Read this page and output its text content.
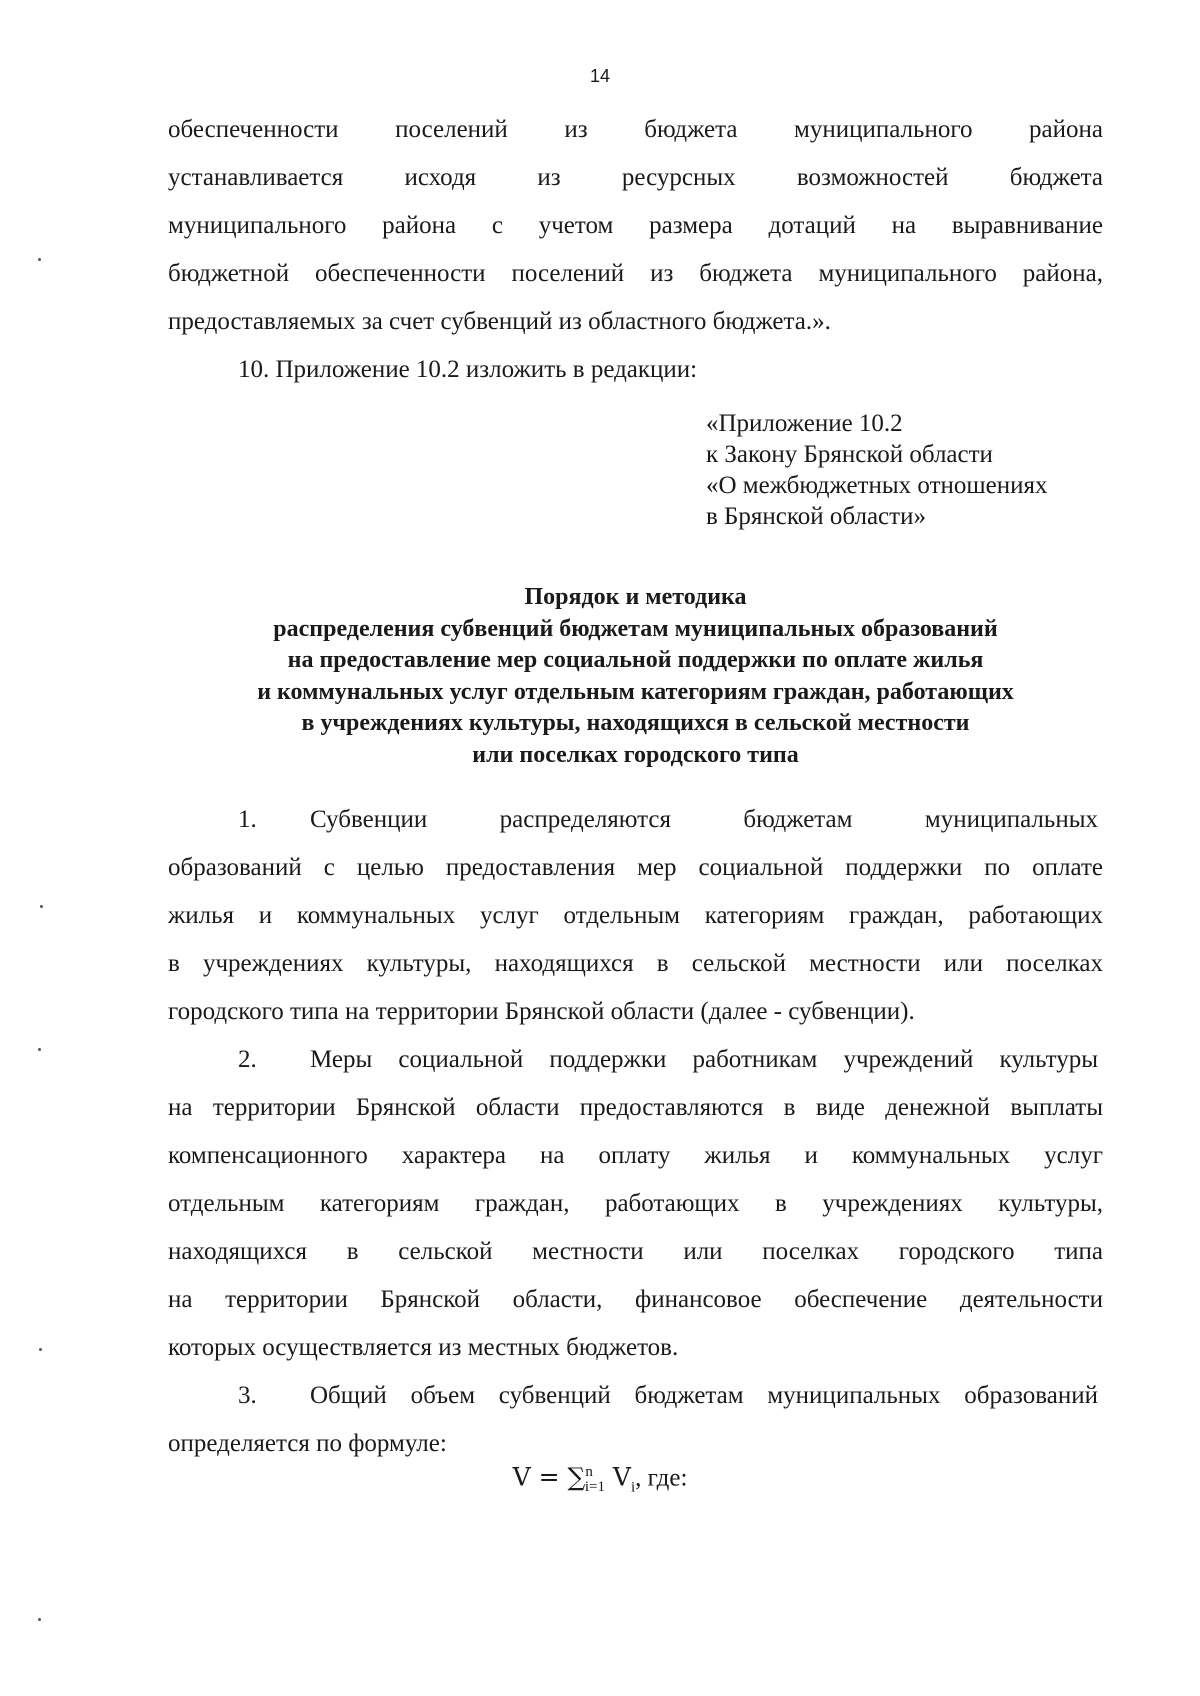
14
обеспеченности поселений из бюджета муниципального района
устанавливается исходя из ресурсных возможностей бюджета
муниципального района с учетом размера дотаций на выравнивание
бюджетной обеспеченности поселений из бюджета муниципального района,
предоставляемых за счет субвенций из областного бюджета.».
10. Приложение 10.2 изложить в редакции:
«Приложение 10.2
к Закону Брянской области
«О межбюджетных отношениях
в Брянской области»
Порядок и методика
распределения субвенций бюджетам муниципальных образований
на предоставление мер социальной поддержки по оплате жилья
и коммунальных услуг отдельным категориям граждан, работающих
в учреждениях культуры, находящихся в сельской местности
или поселках городского типа
1. Субвенции распределяются бюджетам муниципальных
образований с целью предоставления мер социальной поддержки по оплате
жилья и коммунальных услуг отдельным категориям граждан, работающих
в учреждениях культуры, находящихся в сельской местности или поселках
городского типа на территории Брянской области (далее - субвенции).
2. Меры социальной поддержки работникам учреждений культуры
на территории Брянской области предоставляются в виде денежной выплаты
компенсационного характера на оплату жилья и коммунальных услуг
отдельным категориям граждан, работающих в учреждениях культуры,
находящихся в сельской местности или поселках городского типа
на территории Брянской области, финансовое обеспечение деятельности
которых осуществляется из местных бюджетов.
3. Общий объем субвенций бюджетам муниципальных образований
определяется по формуле:
V = ∑$^n_{i=1}$ $V_i$, где:
